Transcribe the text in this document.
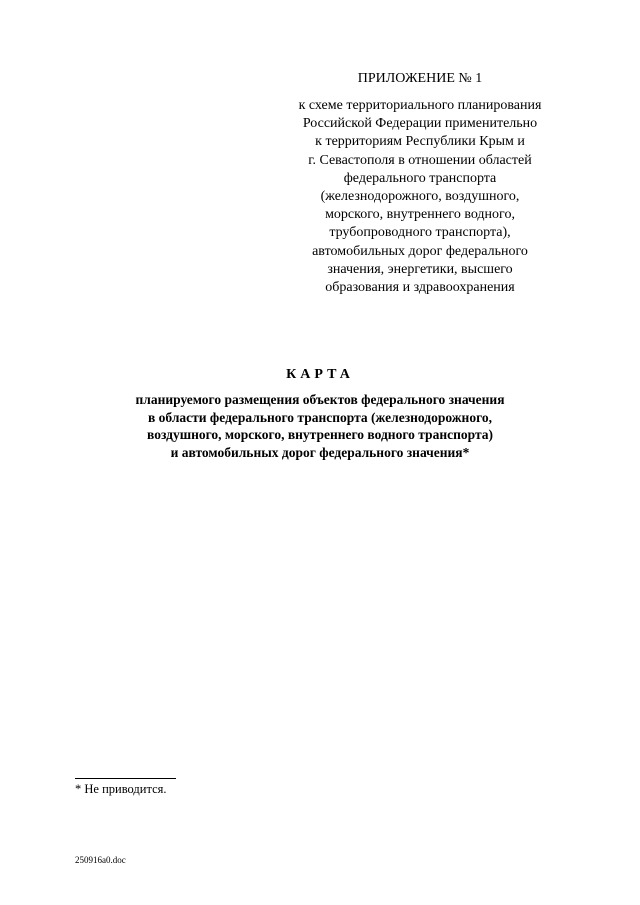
ПРИЛОЖЕНИЕ № 1
к схеме территориального планирования
Российской Федерации применительно
к территориям Республики Крым и
г. Севастополя в отношении областей
федерального транспорта
(железнодорожного, воздушного,
морского, внутреннего водного,
трубопроводного транспорта),
автомобильных дорог федерального
значения, энергетики, высшего
образования и здравоохранения
КАРТА
планируемого размещения объектов федерального значения
в области федерального транспорта (железнодорожного,
воздушного, морского, внутреннего водного транспорта)
и автомобильных дорог федерального значения*
* Не приводится.
250916a0.doc
